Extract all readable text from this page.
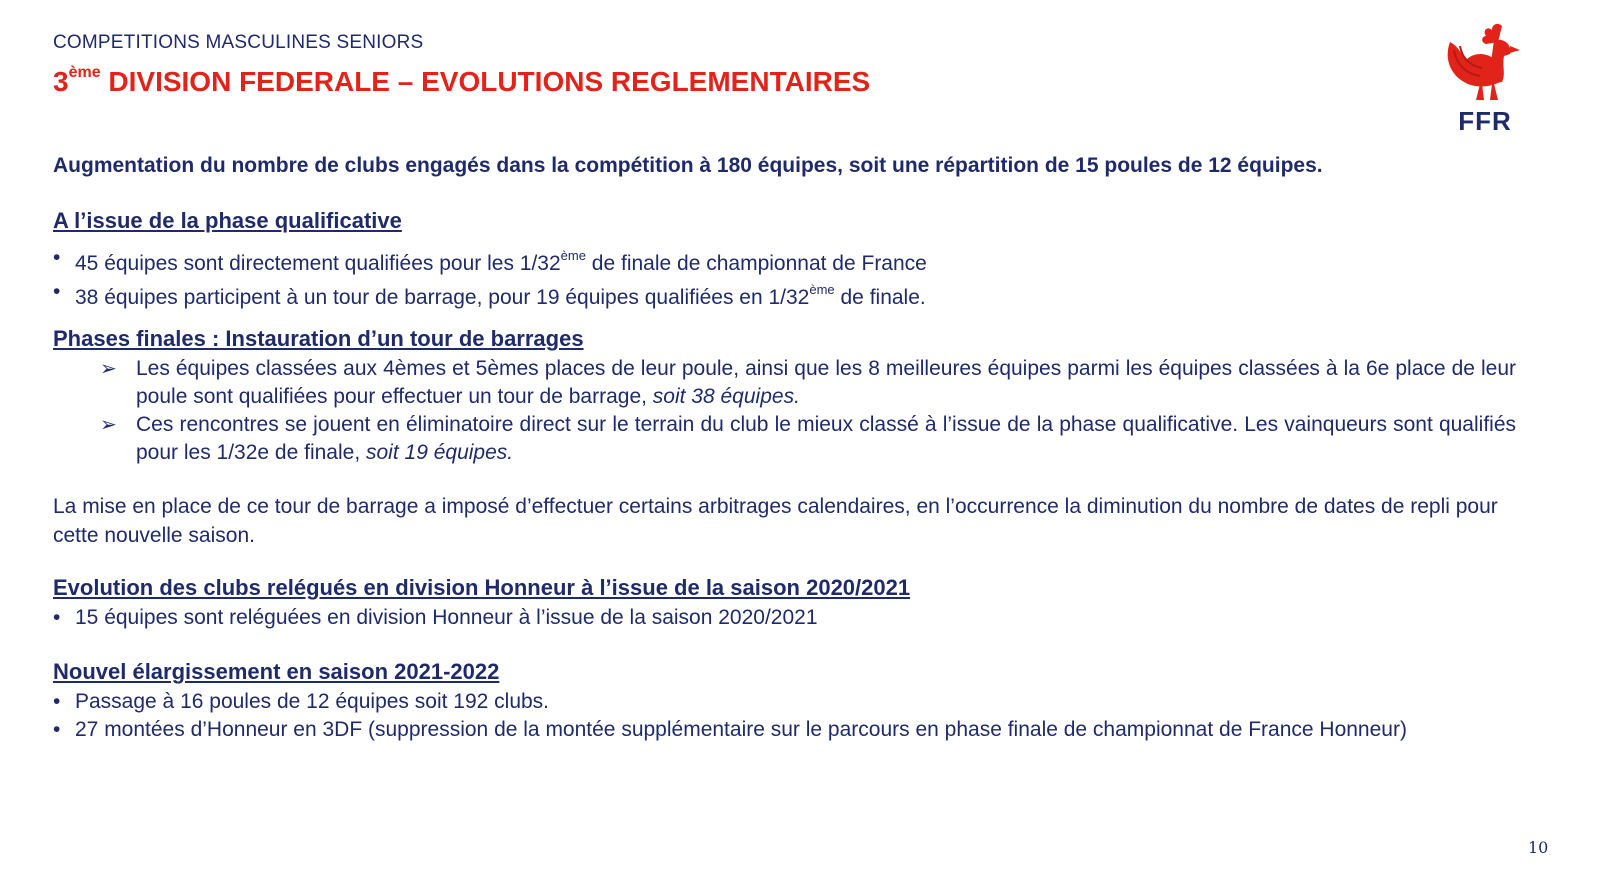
COMPETITIONS MASCULINES SENIORS
3ème DIVISION FEDERALE – EVOLUTIONS REGLEMENTAIRES
FFR
Augmentation du nombre de clubs engagés dans la compétition à 180 équipes, soit une répartition de 15 poules de 12 équipes.
A l’issue de la phase qualificative
• 45 équipes sont directement qualifiées pour les 1/32ème de finale de championnat de France
• 38 équipes participent à un tour de barrage, pour 19 équipes qualifiées en 1/32ème de finale.
Phases finales : Instauration d’un tour de barrages
➢ Les équipes classées aux 4èmes et 5èmes places de leur poule, ainsi que les 8 meilleures équipes parmi les équipes classées à la 6e place de leur poule sont qualifiées pour effectuer un tour de barrage, soit 38 équipes.
➢ Ces rencontres se jouent en éliminatoire direct sur le terrain du club le mieux classé à l’issue de la phase qualificative. Les vainqueurs sont qualifiés pour les 1/32e de finale, soit 19 équipes.
La mise en place de ce tour de barrage a imposé d’effectuer certains arbitrages calendaires, en l’occurrence la diminution du nombre de dates de repli pour cette nouvelle saison.
Evolution des clubs relégués en division Honneur à l’issue de la saison 2020/2021
• 15 équipes sont reléguées en division Honneur à l’issue de la saison 2020/2021
Nouvel élargissement en saison 2021-2022
• Passage à 16 poules de 12 équipes soit 192 clubs.
• 27 montées d’Honneur en 3DF (suppression de la montée supplémentaire sur le parcours en phase finale de championnat de France Honneur)
10
